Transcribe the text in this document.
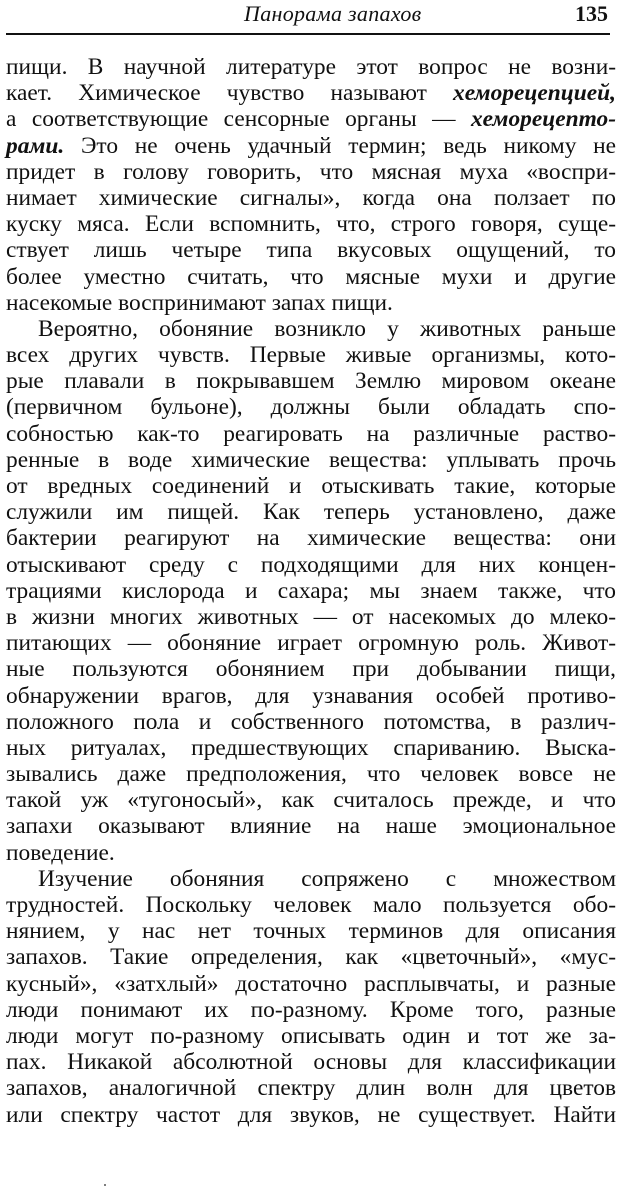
Панорама запахов	135
пищи. В научной литературе этот вопрос не возни-
кает. Химическое чувство называют хеморецепцией,
а соответствующие сенсорные органы — хеморецепто-
рами. Это не очень удачный термин; ведь никому не
придет в голову говорить, что мясная муха «воспри-
нимает химические сигналы», когда она ползает по
куску мяса. Если вспомнить, что, строго говоря, суще-
ствует лишь четыре типа вкусовых ощущений, то
более уместно считать, что мясные мухи и другие
насекомые воспринимают запах пищи.
Вероятно, обоняние возникло у животных раньше
всех других чувств. Первые живые организмы, кото-
рые плавали в покрывавшем Землю мировом океане
(первичном бульоне), должны были обладать спо-
собностью как-то реагировать на различные раство-
ренные в воде химические вещества: уплывать прочь
от вредных соединений и отыскивать такие, которые
служили им пищей. Как теперь установлено, даже
бактерии реагируют на химические вещества: они
отыскивают среду с подходящими для них концен-
трациями кислорода и сахара; мы знаем также, что
в жизни многих животных — от насекомых до млеко-
питающих — обоняние играет огромную роль. Живот-
ные пользуются обонянием при добывании пищи,
обнаружении врагов, для узнавания особей противо-
положного пола и собственного потомства, в различ-
ных ритуалах, предшествующих спариванию. Выска-
зывались даже предположения, что человек вовсе не
такой уж «тугоносый», как считалось прежде, и что
запахи оказывают влияние на наше эмоциональное
поведение.
Изучение обоняния сопряжено с множеством
трудностей. Поскольку человек мало пользуется обо-
нянием, у нас нет точных терминов для описания
запахов. Такие определения, как «цветочный», «мус-
кусный», «затхлый» достаточно расплывчаты, и разные
люди понимают их по-разному. Кроме того, разные
люди могут по-разному описывать один и тот же за-
пах. Никакой абсолютной основы для классификации
запахов, аналогичной спектру длин волн для цветов
или спектру частот для звуков, не существует. Найти
